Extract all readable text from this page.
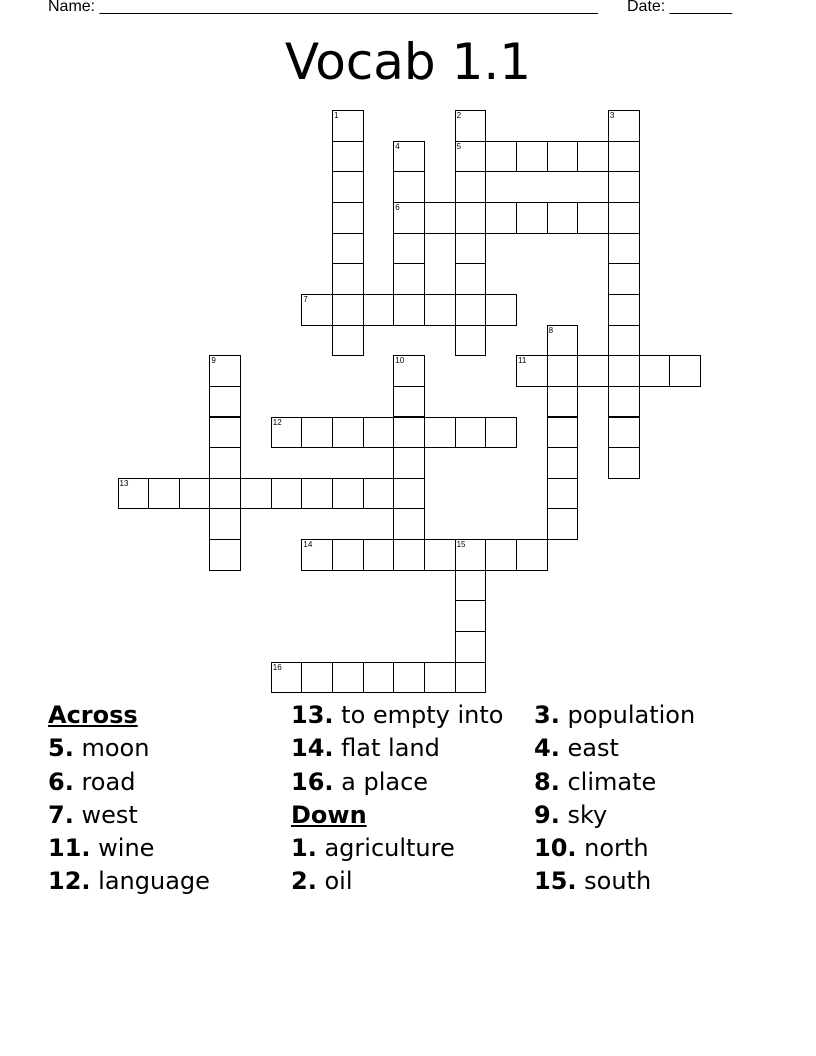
Name: ________________________________________________________ Date: _______
Vocab 1.1
1	2
5
3
4
6
7
8
9	10	11
12
13
14	15
16
Across
5. moon
6. road
7. west
11. wine
12. language
13. to empty into
14. flat land
16. a place
Down
1. agriculture
2. oil
3. population
4. east
8. climate
9. sky
10. north
15. south
